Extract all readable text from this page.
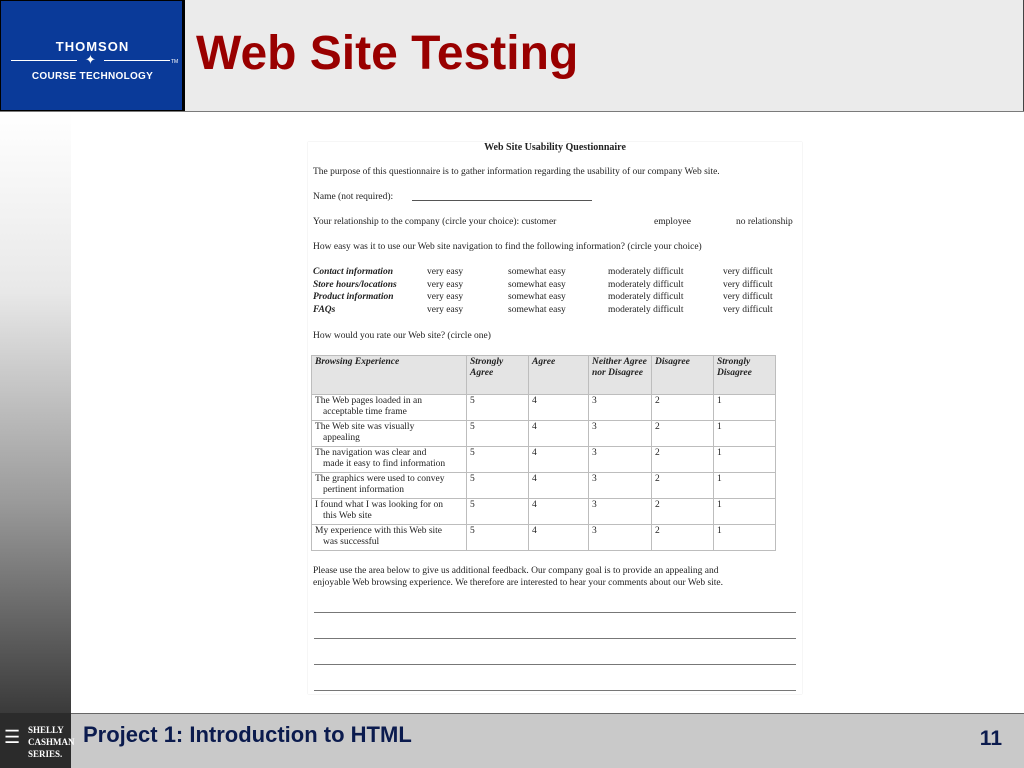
THOMSON
✦	TM
COURSE TECHNOLOGY Web Site Testing
Web Site Usability Questionnaire
The purpose of this questionnaire is to gather information regarding the usability of our company Web site.
Name (not required):
Your relationship to the company (circle your choice): customer	employee	no relationship
How easy was it to use our Web site navigation to find the following information? (circle your choice)
Contact information	very easy	somewhat easy	moderately difficult	very difficult
Store hours/locations	very easy	somewhat easy	moderately difficult	very difficult
Product information	very easy	somewhat easy	moderately difficult	very difficult
FAQs	very easy	somewhat easy	moderately difficult	very difficult
How would you rate our Web site? (circle one)
Browsing Experience	Strongly Agree	Agree	Neither Agree nor Disagree	Disagree	Strongly Disagree
The Web pages loaded in an
acceptable time frame	5	4	3	2	1
The Web site was visually
appealing	5	4	3	2	1
The navigation was clear and
made it easy to find information	5	4	3	2	1
The graphics were used to convey
pertinent information	5	4	3	2	1
I found what I was looking for on
this Web site	5	4	3	2	1
My experience with this Web site
was successful	5	4	3	2	1
Please use the area below to give us additional feedback. Our company goal is to provide an appealing and
enjoyable Web browsing experience. We therefore are interested to hear your comments about our Web site.
☰ SHELLY
CASHMAN
SERIES.
Project 1: Introduction to HTML	11
